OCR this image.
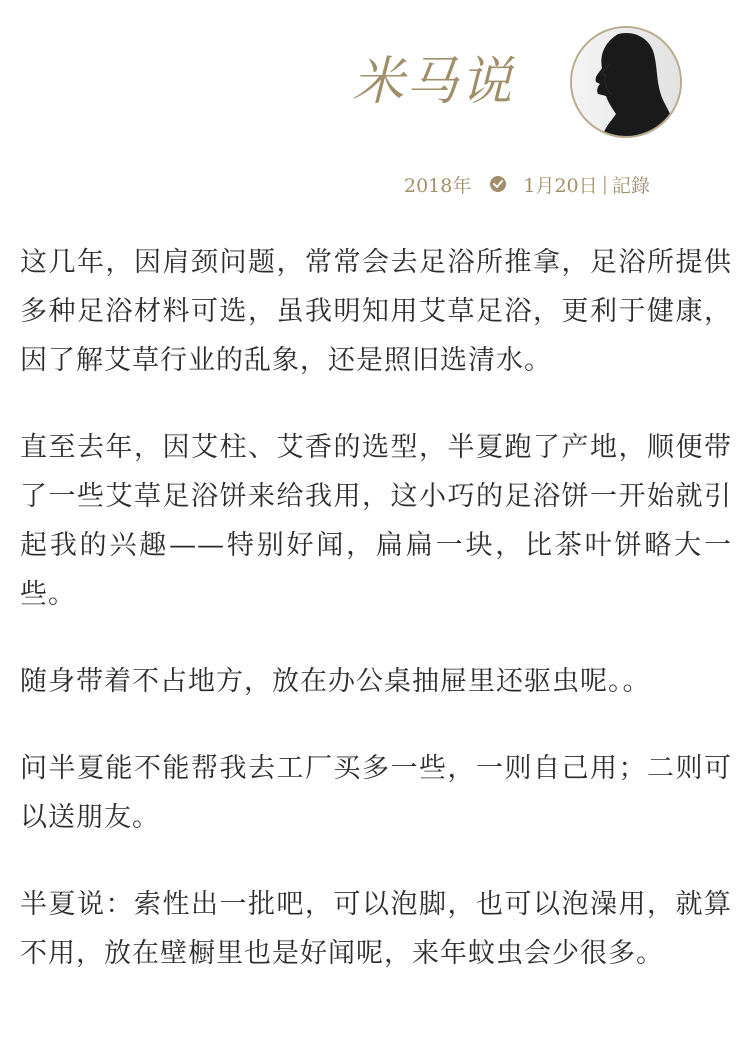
米马说
2018年	1月20日 | 記錄

这几年，因肩颈问题，常常会去足浴所推拿，足浴所提供多种足浴材料可选，虽我明知用艾草足浴，更利于健康，因了解艾草行业的乱象，还是照旧选清水。

直至去年，因艾柱、艾香的选型，半夏跑了产地，顺便带了一些艾草足浴饼来给我用，这小巧的足浴饼一开始就引起我的兴趣——特别好闻，扁扁一块，比茶叶饼略大一些。

随身带着不占地方，放在办公桌抽屉里还驱虫呢。。

问半夏能不能帮我去工厂买多一些，一则自己用；二则可以送朋友。

半夏说：索性出一批吧，可以泡脚，也可以泡澡用，就算不用，放在壁橱里也是好闻呢，来年蚊虫会少很多。
